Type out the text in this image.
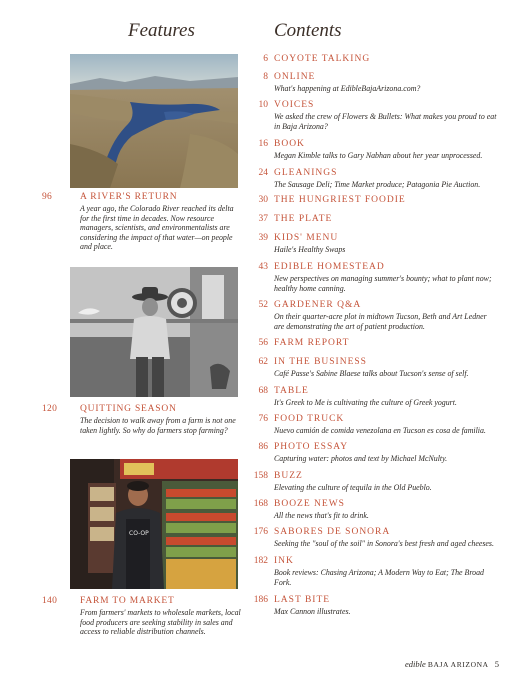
Features	Contents
CO-OP
96	A RIVER'S RETURN
A year ago, the Colorado River reached its delta for the first time in decades. Now resource managers, scientists, and environmentalists are considering the impact of that water—on people and place.
120	QUITTING SEASON
The decision to walk away from a farm is not one taken lightly. So why do farmers stop farming?
140	FARM TO MARKET
From farmers' markets to wholesale markets, local food producers are seeking stability in sales and access to reliable distribution channels.
6 COYOTE TALKING
8 ONLINE
What's happening at EdibleBajaArizona.com?
10 VOICES
We asked the crew of Flowers & Bullets: What makes you proud to eat in Baja Arizona?
16 BOOK
Megan Kimble talks to Gary Nabhan about her year unprocessed.
24 GLEANINGS
The Sausage Deli; Time Market produce; Patagonia Pie Auction.
30 THE HUNGRIEST FOODIE
37 THE PLATE
39 KIDS' MENU
Haile's Healthy Swaps
43 EDIBLE HOMESTEAD
New perspectives on managing summer's bounty; what to plant now; healthy home canning.
52 GARDENER Q&A
On their quarter-acre plot in midtown Tucson, Beth and Art Ledner are demonstrating the art of patient production.
56 FARM REPORT
62 IN THE BUSINESS
Café Passe's Sabine Blaese talks about Tucson's sense of self.
68 TABLE
It's Greek to Me is cultivating the culture of Greek yogurt.
76 FOOD TRUCK
Nuevo camión de comida venezolana en Tucson es cosa de familia.
86 PHOTO ESSAY
Capturing water: photos and text by Michael McNulty.
158 BUZZ
Elevating the culture of tequila in the Old Pueblo.
168 BOOZE NEWS
All the news that's fit to drink.
176 SABORES DE SONORA
Seeking the "soul of the soil" in Sonora's best fresh and aged cheeses.
182 INK
Book reviews: Chasing Arizona; A Modern Way to Eat; The Broad Fork.
186 LAST BITE
Max Cannon illustrates.
edible BAJA ARIZONA 5
